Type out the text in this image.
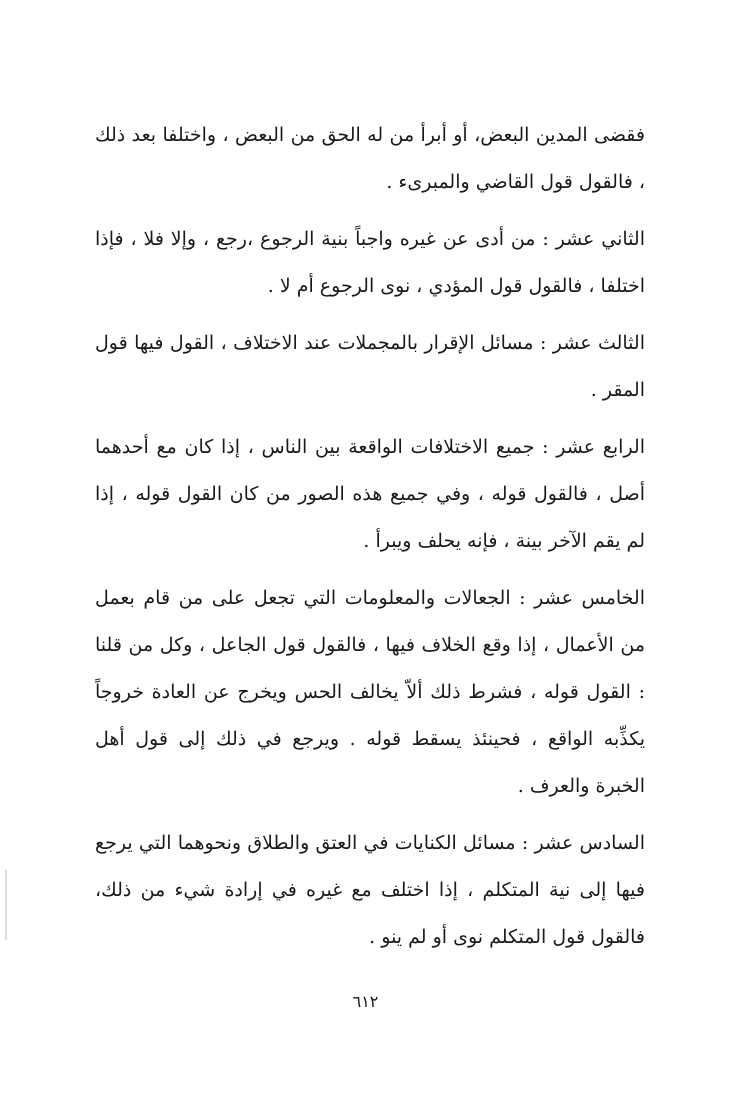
فقضى المدين البعض، أو أبرأ من له الحق من البعض ، واختلفا بعد ذلك ، فالقول قول القاضي والمبرىء .

الثاني عشر : من أدى عن غيره واجباً بنية الرجوع ،رجع ، وإلا فلا ، فإذا اختلفا ، فالقول قول المؤدي ، نوى الرجوع أم لا .

الثالث عشر : مسائل الإقرار بالمجملات عند الاختلاف ، القول فيها قول المقر .

الرابع عشر : جميع الاختلافات الواقعة بين الناس ، إذا كان مع أحدهما أصل ، فالقول قوله ، وفي جميع هذه الصور من كان القول قوله ، إذا لم يقم الآخر بينة ، فإنه يحلف ويبرأ .

الخامس عشر : الجعالات والمعلومات التي تجعل على من قام بعمل من الأعمال ، إذا وقع الخلاف فيها ، فالقول قول الجاعل ، وكل من قلنا : القول قوله ، فشرط ذلك ألاّ يخالف الحس ويخرج عن العادة خروجاً يكذِّبه الواقع ، فحينئذ يسقط قوله . ويرجع في ذلك إلى قول أهل الخبرة والعرف .

السادس عشر : مسائل الكنايات في العتق والطلاق ونحوهما التي يرجع فيها إلى نية المتكلم ، إذا اختلف مع غيره في إرادة شيء من ذلك، فالقول قول المتكلم نوى أو لم ينو .

٦١٢
